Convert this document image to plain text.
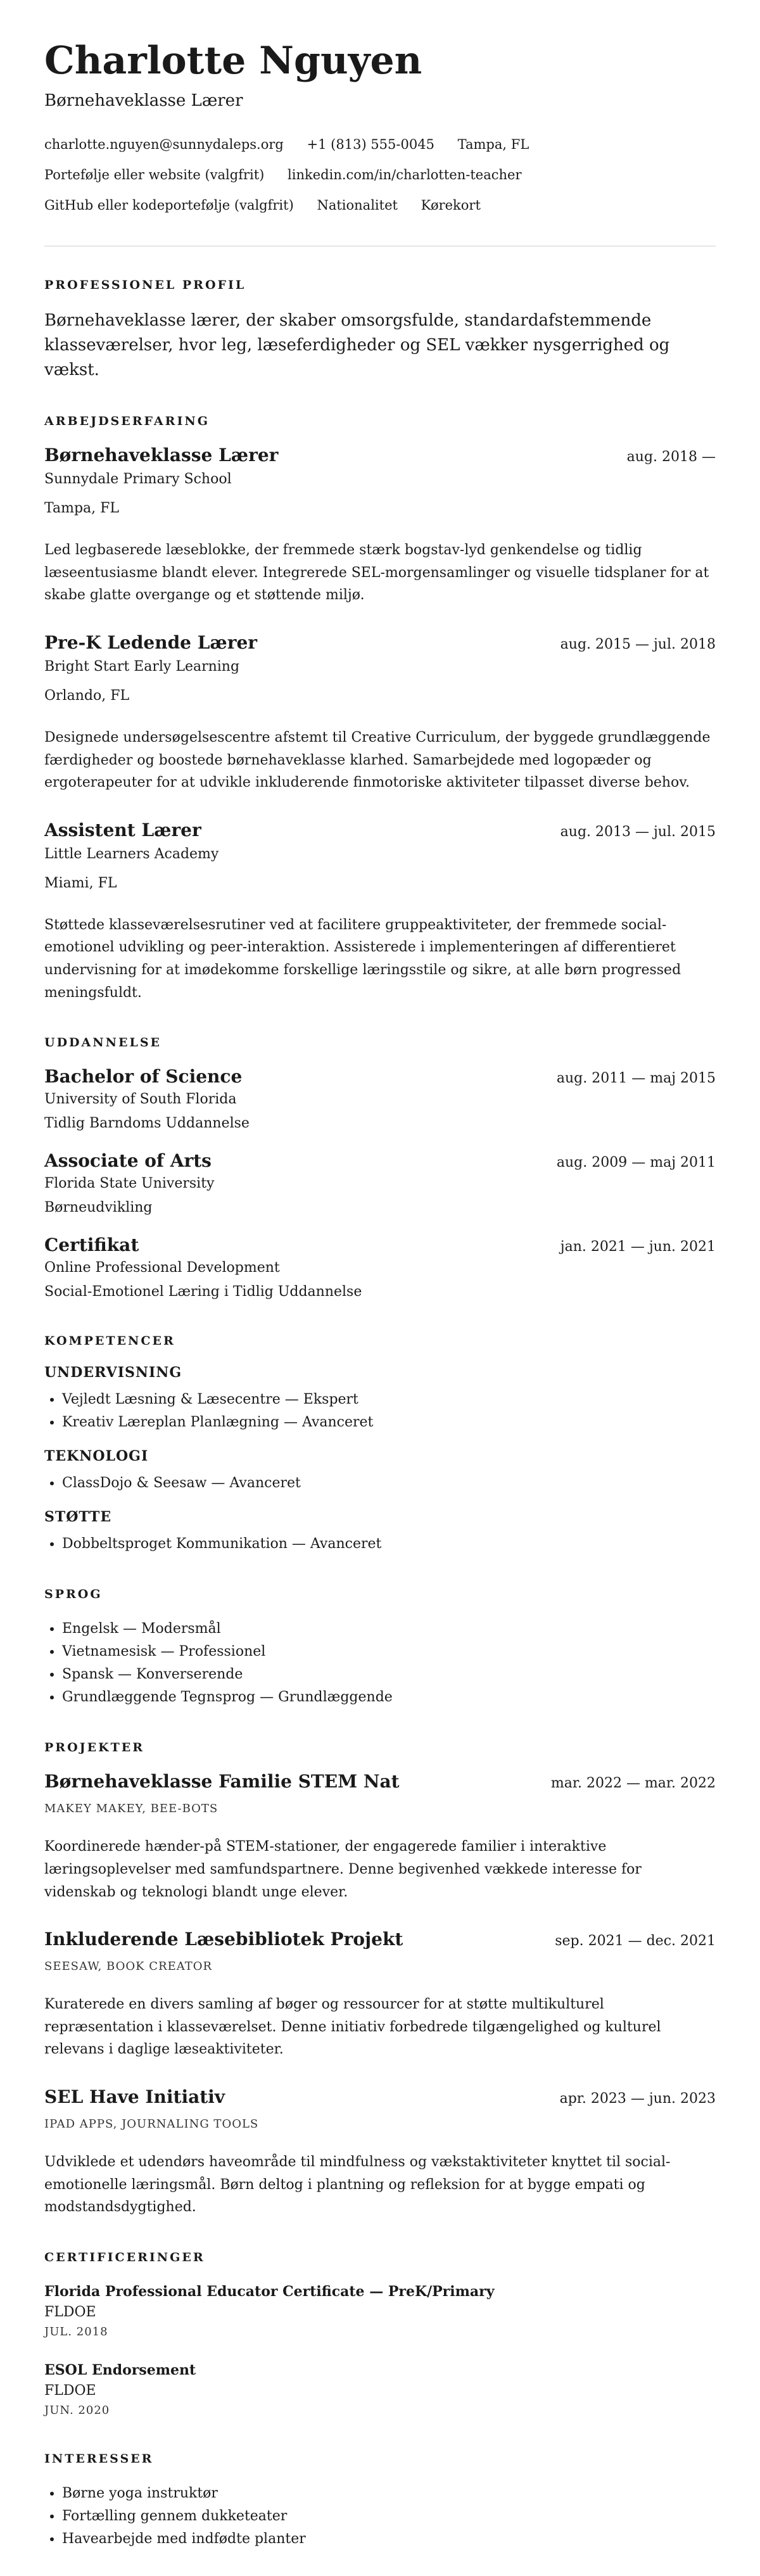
Charlotte Nguyen
Børnehaveklasse Lærer
charlotte.nguyen@sunnydaleps.org +1 (813) 555-0045 Tampa, FL
Portefølje eller website (valgfrit) linkedin.com/in/charlotten-teacher
GitHub eller kodeportefølje (valgfrit) Nationalitet Kørekort
PROFESSIONEL PROFIL

Børnehaveklasse lærer, der skaber omsorgsfulde, standardafstemmende klasseværelser, hvor leg, læseferdigheder og SEL vækker nysgerrighed og vækst.

ARBEJDSERFARING
Børnehaveklasse Lærer	aug. 2018 —
Sunnydale Primary School
Tampa, FL
Led legbaserede læseblokke, der fremmede stærk bogstav-lyd genkendelse og tidlig læseentusiasme blandt elever. Integrerede SEL-morgensamlinger og visuelle tidsplaner for at skabe glatte overgange og et støttende miljø.
Pre-K Ledende Lærer	aug. 2015 — jul. 2018
Bright Start Early Learning
Orlando, FL
Designede undersøgelsescentre afstemt til Creative Curriculum, der byggede grundlæggende færdigheder og boostede børnehaveklasse klarhed. Samarbejdede med logopæder og ergoterapeuter for at udvikle inkluderende finmotoriske aktiviteter tilpasset diverse behov.
Assistent Lærer	aug. 2013 — jul. 2015
Little Learners Academy
Miami, FL
Støttede klasseværelsesrutiner ved at facilitere gruppeaktiviteter, der fremmede social-emotionel udvikling og peer-interaktion. Assisterede i implementeringen af differentieret undervisning for at imødekomme forskellige læringsstile og sikre, at alle børn progressed meningsfuldt.
UDDANNELSE
Bachelor of Science	aug. 2011 — maj 2015
University of South Florida
Tidlig Barndoms Uddannelse
Associate of Arts	aug. 2009 — maj 2011
Florida State University
Børneudvikling
Certifikat	jan. 2021 — jun. 2021
Online Professional Development
Social-Emotionel Læring i Tidlig Uddannelse
KOMPETENCER
UNDERVISNING
• Vejledt Læsning & Læsecentre — Ekspert
• Kreativ Læreplan Planlægning — Avanceret
TEKNOLOGI
• ClassDojo & Seesaw — Avanceret
STØTTE
• Dobbeltsproget Kommunikation — Avanceret
SPROG
• Engelsk — Modersmål
• Vietnamesisk — Professionel
• Spansk — Konverserende
• Grundlæggende Tegnsprog — Grundlæggende
PROJEKTER
Børnehaveklasse Familie STEM Nat	mar. 2022 — mar. 2022
MAKEY MAKEY, BEE-BOTS
Koordinerede hænder-på STEM-stationer, der engagerede familier i interaktive læringsoplevelser med samfundspartnere. Denne begivenhed vækkede interesse for videnskab og teknologi blandt unge elever.
Inkluderende Læsebibliotek Projekt	sep. 2021 — dec. 2021
SEESAW, BOOK CREATOR
Kuraterede en divers samling af bøger og ressourcer for at støtte multikulturel repræsentation i klasseværelset. Denne initiativ forbedrede tilgængelighed og kulturel relevans i daglige læseaktiviteter.
SEL Have Initiativ	apr. 2023 — jun. 2023
IPAD APPS, JOURNALING TOOLS
Udviklede et udendørs haveområde til mindfulness og vækstaktiviteter knyttet til social-emotionelle læringsmål. Børn deltog i plantning og refleksion for at bygge empati og modstandsdygtighed.
CERTIFICERINGER
Florida Professional Educator Certificate — PreK/Primary
FLDOE
JUL. 2018
ESOL Endorsement
FLDOE
JUN. 2020
INTERESSER
• Børne yoga instruktør
• Fortælling gennem dukketeater
• Havearbejde med indfødte planter
